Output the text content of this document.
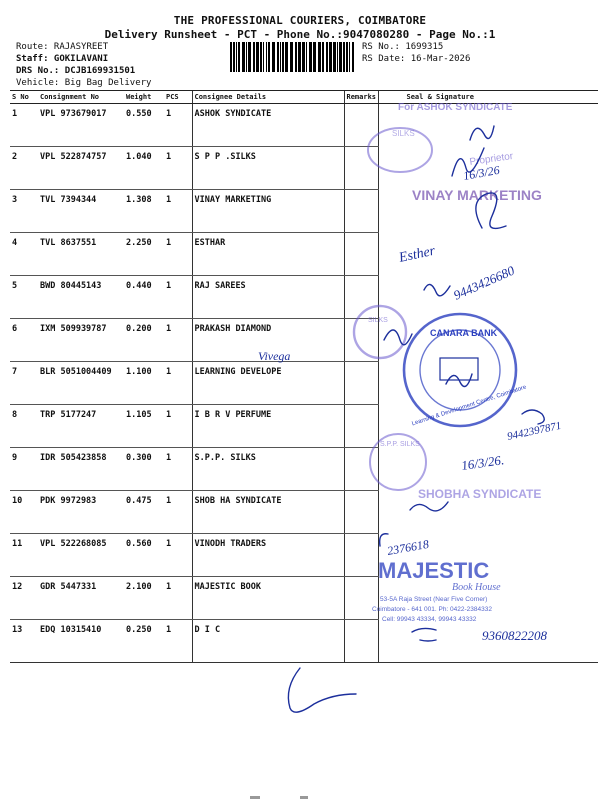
THE PROFESSIONAL COURIERS, COIMBATORE
Delivery Runsheet - PCT - Phone No.:9047080280 - Page No.:1
Route: RAJASYREET
Staff: GOKILAVANI
DRS No.: DCJB169931501
Vehicle: Big Bag Delivery
RS No.: 1699315
RS Date: 16-Mar-2026
S No	Consignment No	Weight	PCS	Consignee Details	Remarks	Seal & Signature
1	VPL 973679017	0.550	1	ASHOK SYNDICATE		
2	VPL 522874757	1.040	1	S P P .SILKS		
3	TVL 7394344	1.308	1	VINAY MARKETING		
4	TVL 8637551	2.250	1	ESTHAR		
5	BWD 80445143	0.440	1	RAJ SAREES		
6	IXM 509939787	0.200	1	PRAKASH DIAMOND		
7	BLR 5051004409	1.100	1	LEARNING DEVELOPE		
8	TRP 5177247	1.105	1	I B R V PERFUME		
9	IDR 505423858	0.300	1	S.P.P. SILKS		
10	PDK 9972983	0.475	1	SHOB HA SYNDICATE		
11	VPL 522268085	0.560	1	VINODH TRADERS		
12	GDR 5447331	2.100	1	MAJESTIC BOOK		
13	EDQ 10315410	0.250	1	D I C		
For ASHOK SYNDICATE
Proprietor
SILKS
VINAY MARKETING
SILKS
CANARA BANK
Learning & Development Centre, Coimbatore
S.P.P. SILKS
SHOBHA SYNDICATE
MAJESTIC
Book House
53-5A Raja Street (Near Five Corner)
Coimbatore - 641 001. Ph: 0422-2384332
Cell: 99943 43334, 99943 43332
Vivega
16/3/26
16/3/26.
9443426680
9442397871
9360822208
2376618
Esther
